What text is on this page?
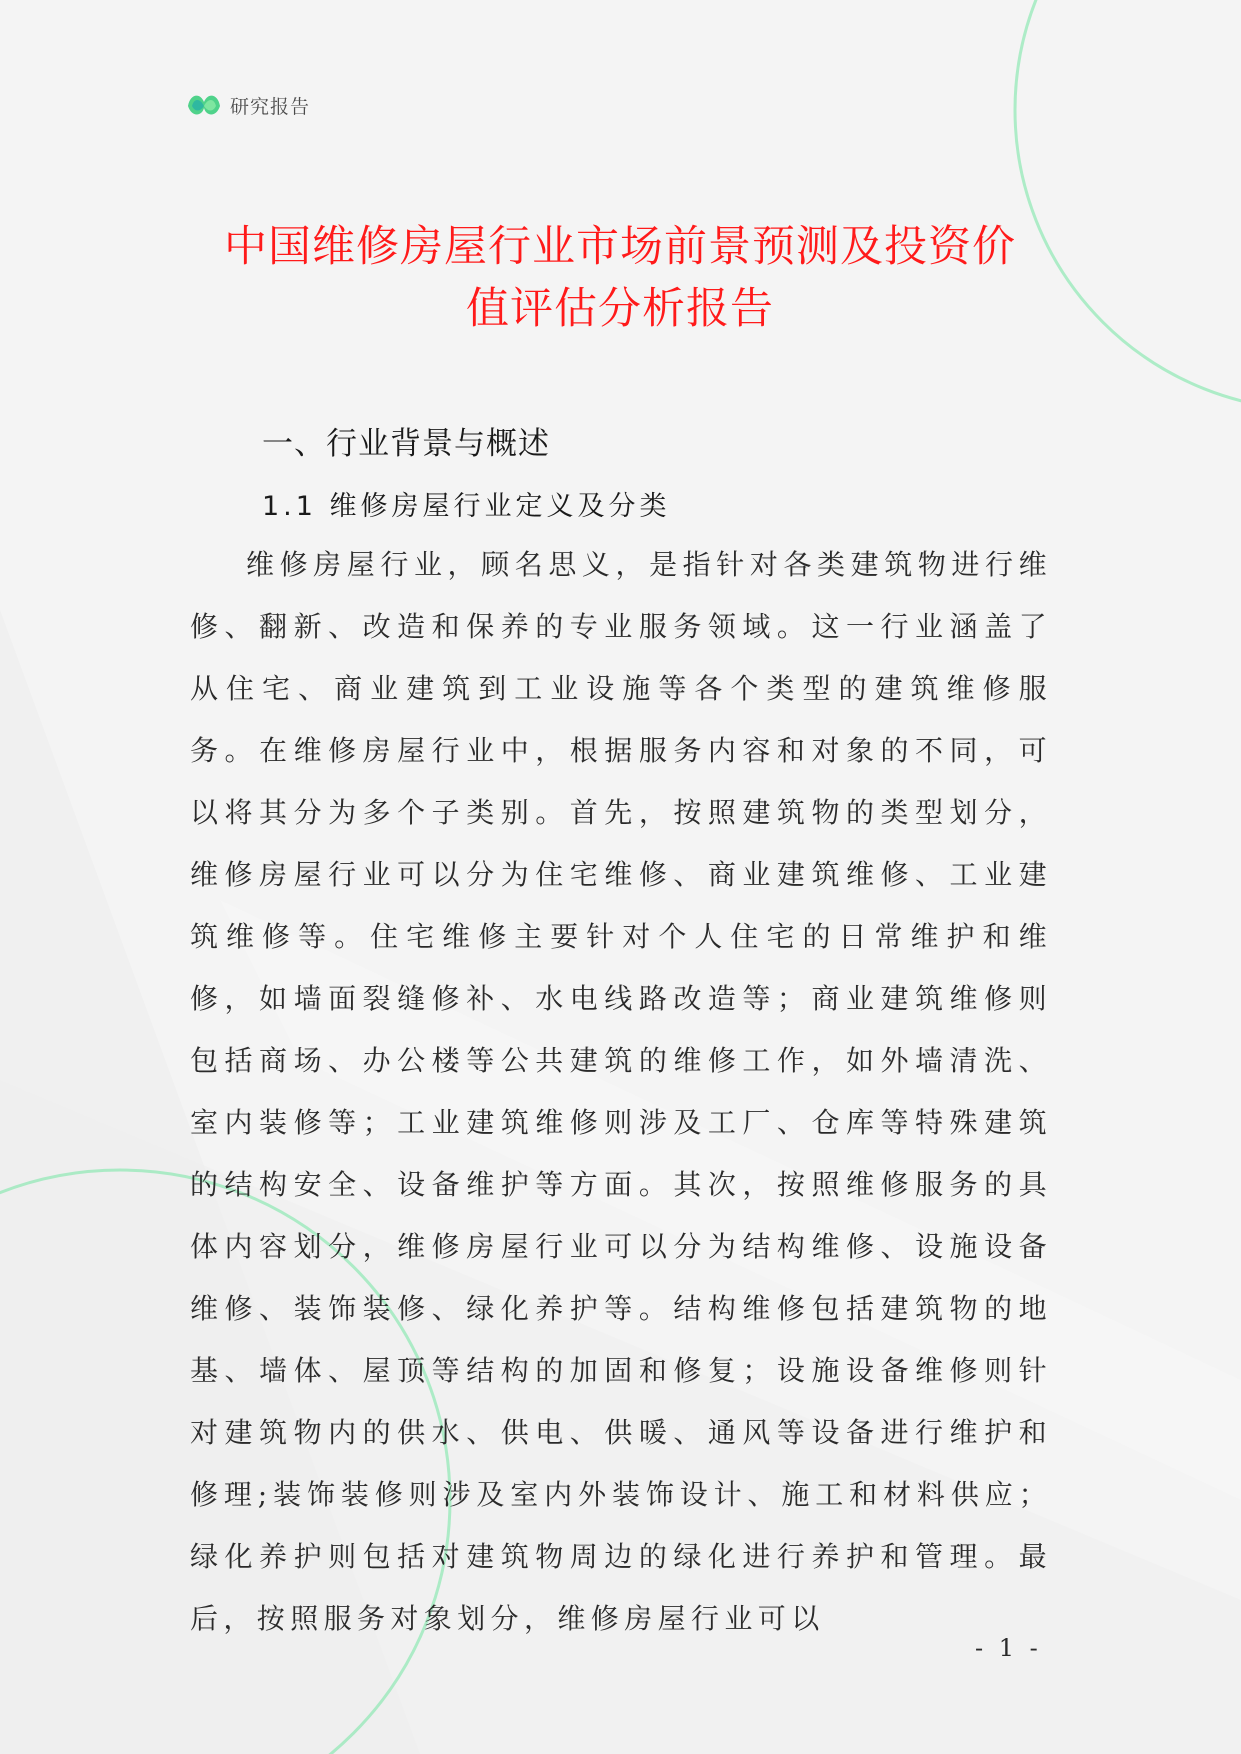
研究报告
中国维修房屋行业市场前景预测及投资价
值评估分析报告
一、行业背景与概述
1.1 维修房屋行业定义及分类

维修房屋行业，顾名思义，是指针对各类建筑物进行维修、翻新、改造和保养的专业服务领域。这一行业涵盖了从住宅、商业建筑到工业设施等各个类型的建筑维修服务。在维修房屋行业中，根据服务内容和对象的不同，可以将其分为多个子类别。首先，按照建筑物的类型划分，维修房屋行业可以分为住宅维修、商业建筑维修、工业建筑维修等。住宅维修主要针对个人住宅的日常维护和维修，如墙面裂缝修补、水电线路改造等；商业建筑维修则包括商场、办公楼等公共建筑的维修工作，如外墙清洗、室内装修等；工业建筑维修则涉及工厂、仓库等特殊建筑的结构安全、设备维护等方面。其次，按照维修服务的具体内容划分，维修房屋行业可以分为结构维修、设施设备维修、装饰装修、绿化养护等。结构维修包括建筑物的地基、墙体、屋顶等结构的加固和修复；设施设备维修则针对建筑物内的供水、供电、供暖、通风等设备进行维护和修理;装饰装修则涉及室内外装饰设计、施工和材料供应；绿化养护则包括对建筑物周边的绿化进行养护和管理。最后，按照服务对象划分，维修房屋行业可以

- 1 -
